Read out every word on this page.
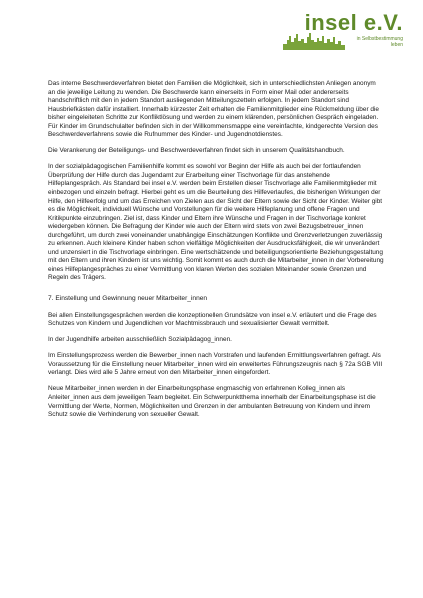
insel e.V.
in Selbstbestimmung
leben

Das interne Beschwerdeverfahren bietet den Familien die Möglichkeit, sich in unterschiedlichsten Anliegen anonym an die jeweilige Leitung zu wenden. Die Beschwerde kann einerseits in Form einer Mail oder andererseits handschriftlich mit den in jedem Standort ausliegenden Mitteilungszetteln erfolgen. In jedem Standort sind Hausbriefkästen dafür installiert. Innerhalb kürzester Zeit erhalten die Familienmitglieder eine Rückmeldung über die bisher eingeleiteten Schritte zur Konfliktlösung und werden zu einem klärenden, persönlichen Gespräch eingeladen. Für Kinder im Grundschulalter befinden sich in der Willkommensmappe eine vereinfachte, kindgerechte Version des Beschwerdeverfahrens sowie die Rufnummer des Kinder- und Jugendnotdienstes.

Die Verankerung der Beteiligungs- und Beschwerdeverfahren findet sich in unserem Qualitätshandbuch.

In der sozialpädagogischen Familienhilfe kommt es sowohl vor Beginn der Hilfe als auch bei der fortlaufenden Überprüfung der Hilfe durch das Jugendamt zur Erarbeitung einer Tischvorlage für das anstehende Hilfeplangespräch. Als Standard bei insel e.V. werden beim Erstellen dieser Tischvorlage alle Familienmitglieder mit einbezogen und einzeln befragt. Hierbei geht es um die Beurteilung des Hilfeverlaufes, die bisherigen Wirkungen der Hilfe, den Hilfeerfolg und um das Erreichen von Zielen aus der Sicht der Eltern sowie der Sicht der Kinder. Weiter gibt es die Möglichkeit, individuell Wünsche und Vorstellungen für die weitere Hilfeplanung und offene Fragen und Kritikpunkte einzubringen. Ziel ist, dass Kinder und Eltern ihre Wünsche und Fragen in der Tischvorlage konkret wiedergeben können. Die Befragung der Kinder wie auch der Eltern wird stets von zwei Bezugsbetreuer_innen durchgeführt, um durch zwei voneinander unabhängige Einschätzungen Konflikte und Grenzverletzungen zuverlässig zu erkennen. Auch kleinere Kinder haben schon vielfältige Möglichkeiten der Ausdrucksfähigkeit, die wir unverändert und unzensiert in die Tischvorlage einbringen. Eine wertschätzende und beteiligungsorientierte Beziehungsgestaltung mit den Eltern und ihren Kindern ist uns wichtig. Somit kommt es auch durch die Mitarbeiter_innen in der Vorbereitung eines Hilfeplangespräches zu einer Vermittlung von klaren Werten des sozialen Miteinander sowie Grenzen und Regeln des Trägers.

7. Einstellung und Gewinnung neuer Mitarbeiter_innen

Bei allen Einstellungsgesprächen werden die konzeptionellen Grundsätze von insel e.V. erläutert und die Frage des Schutzes von Kindern und Jugendlichen vor Machtmissbrauch und sexualisierter Gewalt vermittelt.

In der Jugendhilfe arbeiten ausschließlich Sozialpädagog_innen.

Im Einstellungsprozess werden die Bewerber_innen nach Vorstrafen und laufenden Ermittlungsverfahren gefragt. Als Voraussetzung für die Einstellung neuer Mitarbeiter_innen wird ein erweitertes Führungszeugnis nach § 72a SGB VIII verlangt. Dies wird alle 5 Jahre erneut von den Mitarbeiter_innen eingefordert.

Neue Mitarbeiter_innen werden in der Einarbeitungsphase engmaschig von erfahrenen Kolleg_innen als Anleiter_innen aus dem jeweiligen Team begleitet. Ein Schwerpunktthema innerhalb der Einarbeitungsphase ist die Vermittlung der Werte, Normen, Möglichkeiten und Grenzen in der ambulanten Betreuung von Kindern und ihrem Schutz sowie die Verhinderung von sexueller Gewalt.
